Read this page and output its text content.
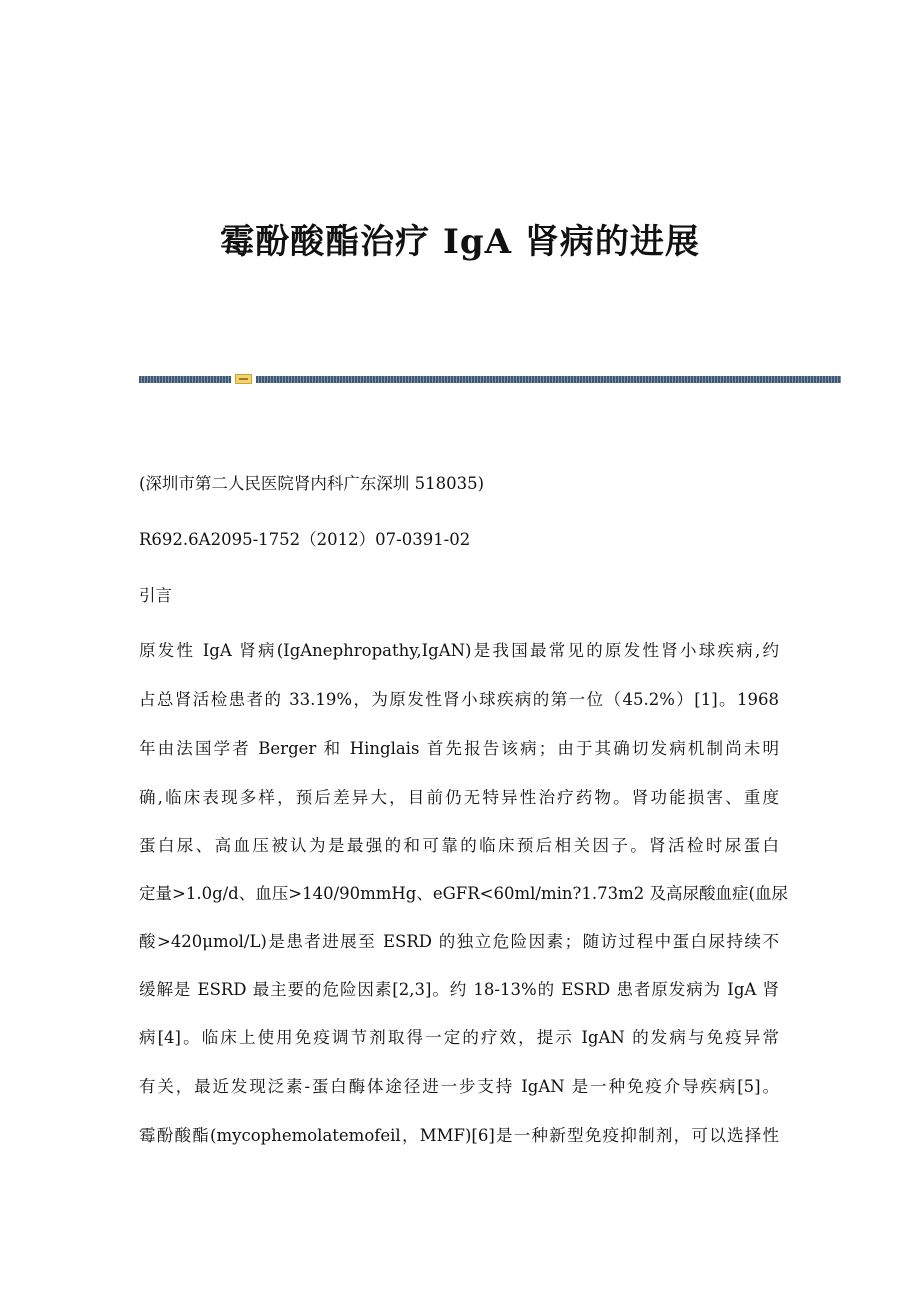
霉酚酸酯治疗 IgA 肾病的进展

(深圳市第二人民医院肾内科广东深圳 518035)

R692.6A2095-1752（2012）07-0391-02

引言

原发性 IgA 肾病(IgAnephropathy,IgAN)是我国最常见的原发性肾小球疾病,约

占总肾活检患者的 33.19%，为原发性肾小球疾病的第一位（45.2%）[1]。1968

年由法国学者 Berger 和 Hinglais 首先报告该病；由于其确切发病机制尚未明

确,临床表现多样，预后差异大，目前仍无特异性治疗药物。肾功能损害、重度

蛋白尿、高血压被认为是最强的和可靠的临床预后相关因子。肾活检时尿蛋白

定量>1.0g/d、血压>140/90mmHg、eGFR<60ml/min?1.73m2 及高尿酸血症(血尿

酸>420μmol/L)是患者进展至 ESRD 的独立危险因素；随访过程中蛋白尿持续不

缓解是 ESRD 最主要的危险因素[2,3]。约 18-13%的 ESRD 患者原发病为 IgA 肾

病[4]。临床上使用免疫调节剂取得一定的疗效，提示 IgAN 的发病与免疫异常

有关，最近发现泛素-蛋白酶体途径进一步支持 IgAN 是一种免疫介导疾病[5]。

霉酚酸酯(mycophemolatemofeil，MMF)[6]是一种新型免疫抑制剂，可以选择性
